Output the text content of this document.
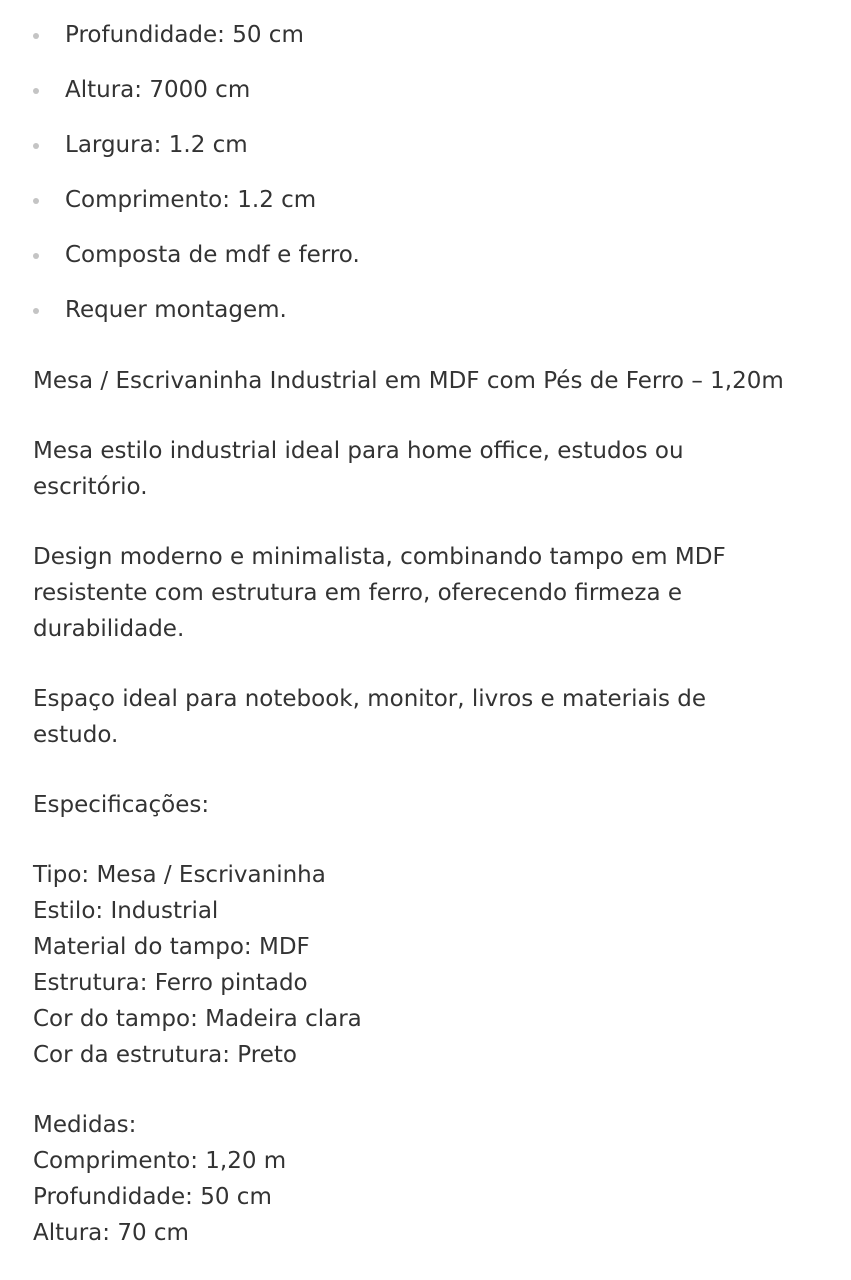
Profundidade: 50 cm
Altura: 7000 cm
Largura: 1.2 cm
Comprimento: 1.2 cm
Composta de mdf e ferro.
Requer montagem.

Mesa / Escrivaninha Industrial em MDF com Pés de Ferro – 1,20m

Mesa estilo industrial ideal para home office, estudos ou
escritório.

Design moderno e minimalista, combinando tampo em MDF
resistente com estrutura em ferro, oferecendo firmeza e
durabilidade.

Espaço ideal para notebook, monitor, livros e materiais de
estudo.

Especificações:

Tipo: Mesa / Escrivaninha

Estilo: Industrial

Material do tampo: MDF

Estrutura: Ferro pintado

Cor do tampo: Madeira clara

Cor da estrutura: Preto

Medidas:

Comprimento: 1,20 m

Profundidade: 50 cm

Altura: 70 cm
